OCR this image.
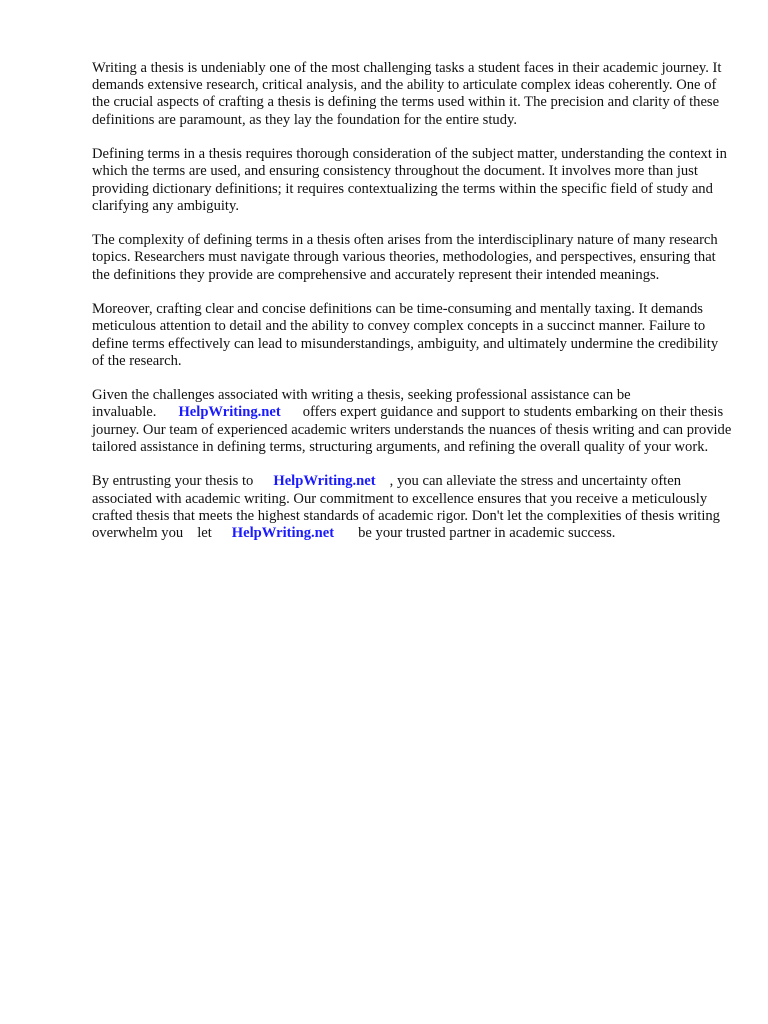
Writing a thesis is undeniably one of the most challenging tasks a student faces in their academic journey. It demands extensive research, critical analysis, and the ability to articulate complex ideas coherently. One of the crucial aspects of crafting a thesis is defining the terms used within it. The precision and clarity of these definitions are paramount, as they lay the foundation for the entire study.

Defining terms in a thesis requires thorough consideration of the subject matter, understanding the context in which the terms are used, and ensuring consistency throughout the document. It involves more than just providing dictionary definitions; it requires contextualizing the terms within the specific field of study and clarifying any ambiguity.

The complexity of defining terms in a thesis often arises from the interdisciplinary nature of many research topics. Researchers must navigate through various theories, methodologies, and perspectives, ensuring that the definitions they provide are comprehensive and accurately represent their intended meanings.

Moreover, crafting clear and concise definitions can be time-consuming and mentally taxing. It demands meticulous attention to detail and the ability to convey complex concepts in a succinct manner. Failure to define terms effectively can lead to misunderstandings, ambiguity, and ultimately undermine the credibility of the research.

Given the challenges associated with writing a thesis, seeking professional assistance can be invaluable. HelpWriting.net offers expert guidance and support to students embarking on their thesis journey. Our team of experienced academic writers understands the nuances of thesis writing and can provide tailored assistance in defining terms, structuring arguments, and refining the overall quality of your work.

By entrusting your thesis to HelpWriting.net , you can alleviate the stress and uncertainty often associated with academic writing. Our commitment to excellence ensures that you receive a meticulously crafted thesis that meets the highest standards of academic rigor. Don't let the complexities of thesis writing overwhelm you let HelpWriting.net be your trusted partner in academic success.
